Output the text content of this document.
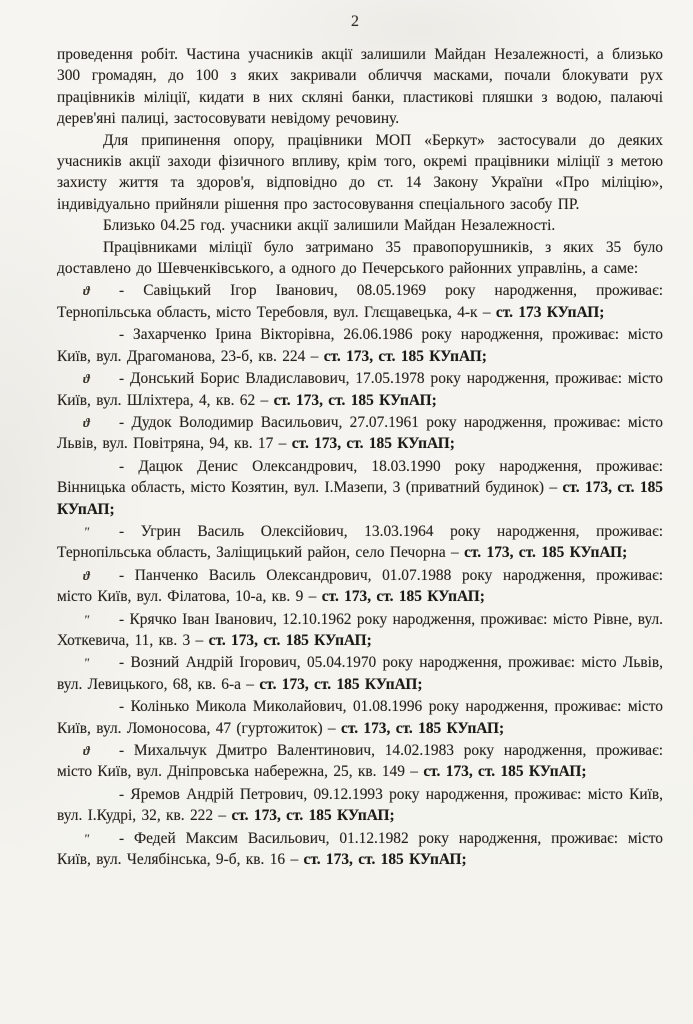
2

проведення робіт. Частина учасників акції залишили Майдан Незалежності, а близько 300 громадян, до 100 з яких закривали обличчя масками, почали блокувати рух працівників міліції, кидати в них скляні банки, пластикові пляшки з водою, палаючі дерев'яні палиці, застосовувати невідому речовину.

Для припинення опору, працівники МОП «Беркут» застосували до деяких учасників акції заходи фізичного впливу, крім того, окремі працівники міліції з метою захисту життя та здоров'я, відповідно до ст. 14 Закону України «Про міліцію», індивідуально прийняли рішення про застосовування спеціального засобу ПР.

Близько 04.25 год. учасники акції залишили Майдан Незалежності.

Працівниками міліції було затримано 35 правопорушників, з яких 35 було доставлено до Шевченківського, а одного до Печерського районних управлінь, а саме:

ϑ - Савіцький Ігор Іванович, 08.05.1969 року народження, проживає: Тернопільська область, місто Теребовля, вул. Глєщавецька, 4-к – ст. 173 КУпАП;

- Захарченко Ірина Вікторівна, 26.06.1986 року народження, проживає: місто Київ, вул. Драгоманова, 23-б, кв. 224 – ст. 173, ст. 185 КУпАП;

ϑ - Донський Борис Владиславович, 17.05.1978 року народження, проживає: місто Київ, вул. Шліхтера, 4, кв. 62 – ст. 173, ст. 185 КУпАП;

ϑ - Дудок Володимир Васильович, 27.07.1961 року народження, проживає: місто Львів, вул. Повітряна, 94, кв. 17 – ст. 173, ст. 185 КУпАП;

- Дацюк Денис Олександрович, 18.03.1990 року народження, проживає: Вінницька область, місто Козятин, вул. І.Мазепи, 3 (приватний будинок) – ст. 173, ст. 185 КУпАП;

ʺ - Угрин Василь Олексійович, 13.03.1964 року народження, проживає: Тернопільська область, Заліщицький район, село Печорна – ст. 173, ст. 185 КУпАП;

ϑ - Панченко Василь Олександрович, 01.07.1988 року народження, проживає: місто Київ, вул. Філатова, 10-а, кв. 9 – ст. 173, ст. 185 КУпАП;

ʺ - Крячко Іван Іванович, 12.10.1962 року народження, проживає: місто Рівне, вул. Хоткевича, 11, кв. 3 – ст. 173, ст. 185 КУпАП;

ʺ - Возний Андрій Ігорович, 05.04.1970 року народження, проживає: місто Львів, вул. Левицького, 68, кв. 6-а – ст. 173, ст. 185 КУпАП;

- Колінько Микола Миколайович, 01.08.1996 року народження, проживає: місто Київ, вул. Ломоносова, 47 (гуртожиток) – ст. 173, ст. 185 КУпАП;

ϑ - Михальчук Дмитро Валентинович, 14.02.1983 року народження, проживає: місто Київ, вул. Дніпровська набережна, 25, кв. 149 – ст. 173, ст. 185 КУпАП;

- Яремов Андрій Петрович, 09.12.1993 року народження, проживає: місто Київ, вул. І.Кудрі, 32, кв. 222 – ст. 173, ст. 185 КУпАП;

ʺ - Федей Максим Васильович, 01.12.1982 року народження, проживає: місто Київ, вул. Челябінська, 9-б, кв. 16 – ст. 173, ст. 185 КУпАП;
